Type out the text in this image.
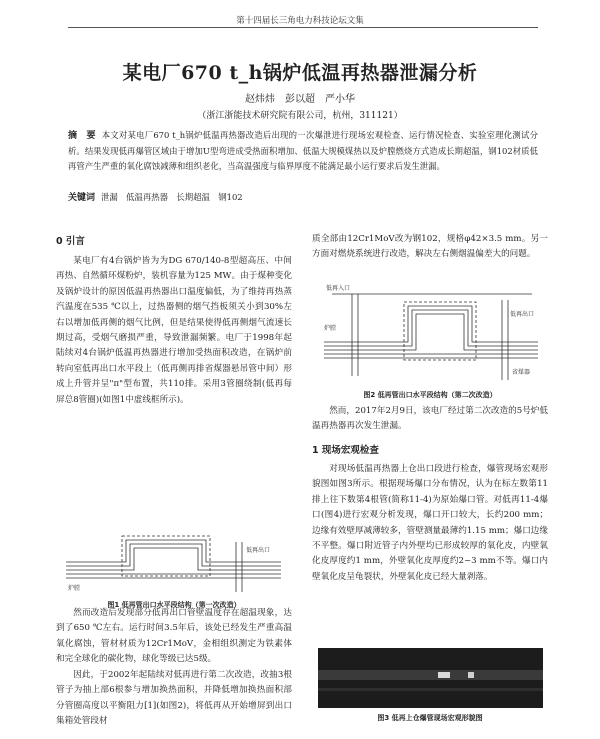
第十四届长三角电力科技论坛文集
某电厂670 t_h锅炉低温再热器泄漏分析
赵炜炜　彭以超　严小华
（浙江浙能技术研究院有限公司，杭州，311121）
摘　要 本文对某电厂670 t_h锅炉低温再热器改造后出现的一次爆泄进行现场宏观检查、运行情况检查、实验室理化测试分析。结果发现低再爆管区域由于增加U型弯进成受热面积增加、低温大规模煤热以及炉膛燃烧方式造成长期超温，钢102材质低再管产生严重的氧化腐蚀减薄和组织老化，当高温强度与临界厚度不能满足最小运行要求后发生泄漏。
关键词 泄漏　低温再热器　长期超温　钢102
0 引言
某电厂有4台锅炉皆为为DG 670/140-8型超高压、中间再热、自然循环煤粉炉，装机容量为125 MW。由于煤种变化及锅炉设计的原因低温再热器出口温度偏低，为了维持再热蒸汽温度在535 ℃以上，过热器侧的烟气挡板须关小到30%左右以增加低再侧的烟气比例，但是结果使得低再侧烟气流速长期过高，受烟气磨损严重，导致泄漏频繁。电厂于1998年起陆续对4台锅炉低温再热器进行增加受热面积改造，在锅炉前转向室低再出口水平段上（低再侧再排省煤器悬吊管中间）形成上升管并呈"π"型布置，共110排。采用3管圈绕制(低再每屏总8管圈)(如图1中虚线框所示)。
炉膛
低再出口
图1 低再管出口水平段结构（第一次改造）
然而改造后发现部分低再出口管壁温度存在超温现象，达到了650 ℃左右。运行时间3.5年后，该处已经发生严重高温氧化腐蚀，管材材质为12Cr1MoV，金相组织测定为铁素体和完全球化的碳化物，球化等级已达5级。
因此，于2002年起陆续对低再进行第二次改造，改抽3根管子为抽上部6根参与增加换热面积，并降低增加换热面积部分管圈高度以平衡阻力[1](如图2)，将低再从开始增屏到出口集箱处管段材
质全部由12Cr1MoV改为钢102，规格φ42×3.5 mm。另一方面对燃烧系统进行改造，解决左右侧烟温偏差大的问题。
低再入口
炉膛
低再出口
省煤器
图2 低再管出口水平段结构（第二次改造）
然而，2017年2月9日，该电厂经过第二次改造的5号炉低温再热器再次发生泄漏。
1 现场宏观检查
对现场低温再热器上仓出口段进行检查，爆管现场宏观形貌图如图3所示。根据现场爆口分布情况，认为在标左数第11排上往下数第4根管(简称11-4)为原始爆口管。对低再11-4爆口(图4)进行宏观分析发现，爆口开口较大，长约200 mm；边缘有效壁厚减薄较多，管壁测量最薄约1.15 mm；爆口边缘不平整。爆口附近管子内外壁均已形成较厚的氧化皮，内壁氧化皮厚度约1 mm，外壁氧化皮厚度约2~3 mm不等。爆口内壁氧化皮呈龟裂状，外壁氧化皮已经大量剥落。
图3 低再上仓爆管现场宏观形貌图
